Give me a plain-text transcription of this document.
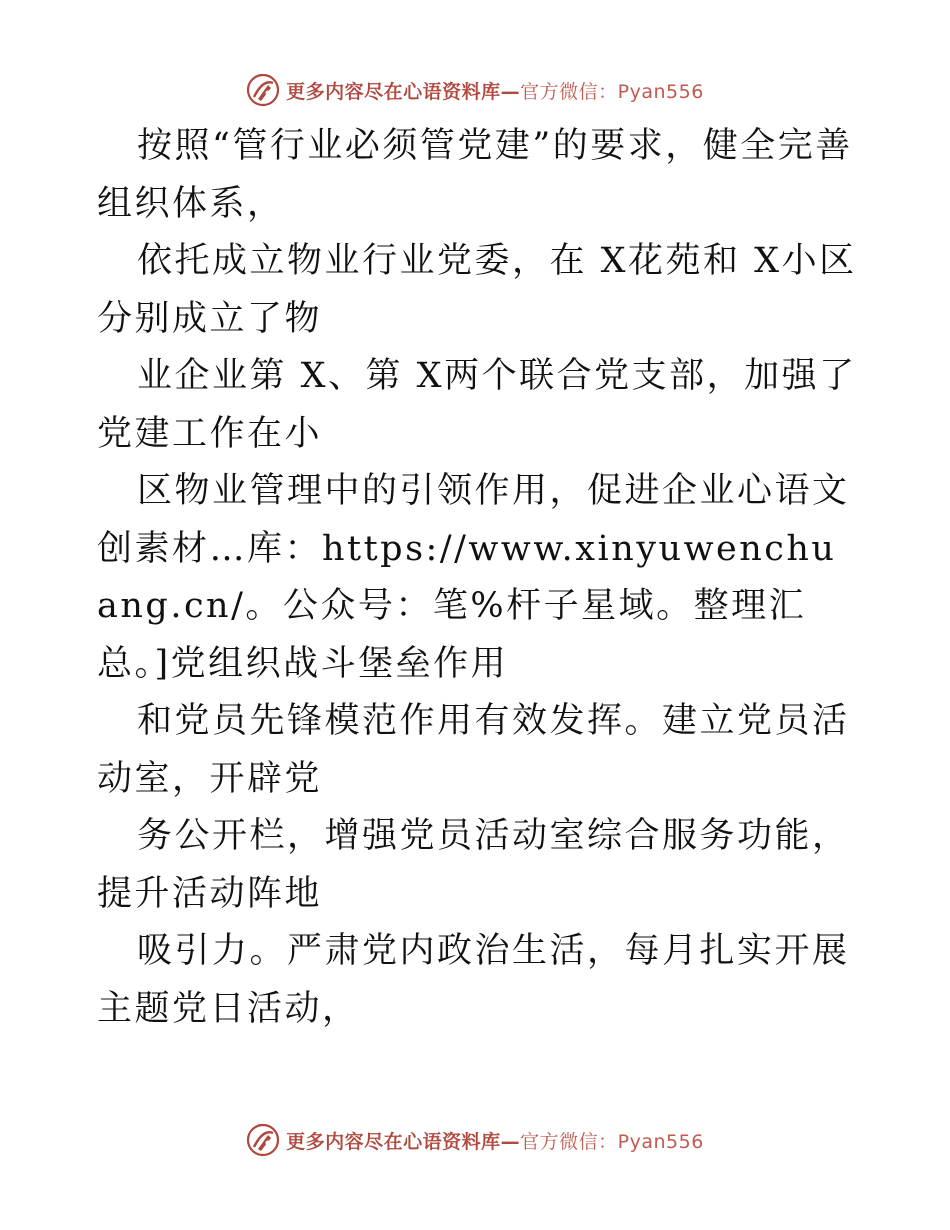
更多内容尽在心语资料库—官方微信：Pyan556

按照“管行业必须管党建”的要求，健全完善组织体系，

依托成立物业行业党委，在 X花苑和 X小区分别成立了物

业企业第 X、第 X两个联合党支部，加强了党建工作在小

区物业管理中的引领作用，促进企业心语文创素材…库：https://www.xinyuwenchuang.cn/。公众号：笔%杆子星域。整理汇总。]党组织战斗堡垒作用

和党员先锋模范作用有效发挥。建立党员活动室，开辟党

务公开栏，增强党员活动室综合服务功能，提升活动阵地

吸引力。严肃党内政治生活，每月扎实开展主题党日活动，

更多内容尽在心语资料库—官方微信：Pyan556
